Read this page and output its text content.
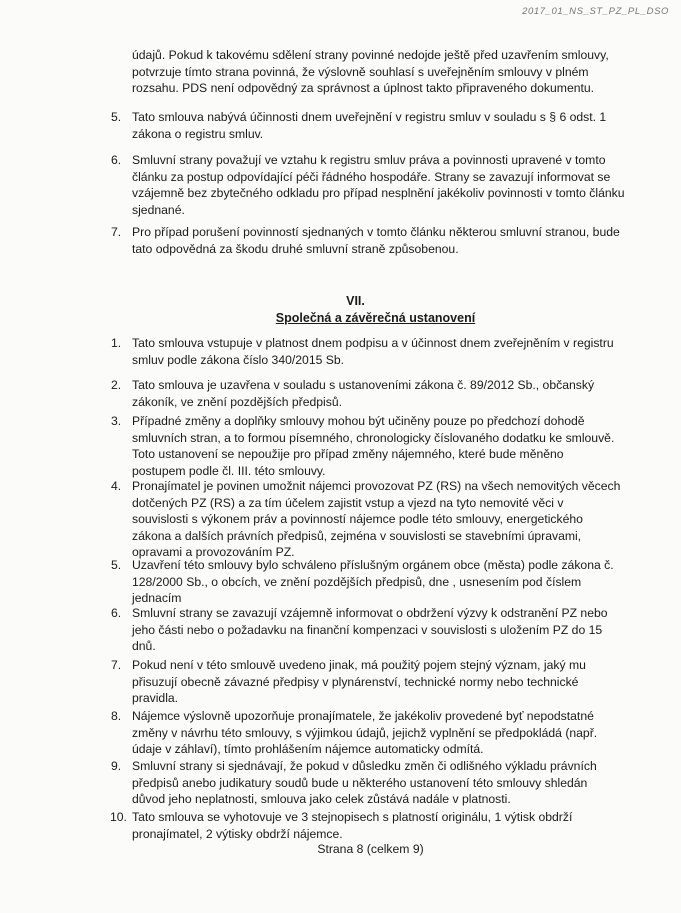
2017_01_NS_ST_PZ_PL_DSO
údajů. Pokud k takovému sdělení strany povinné nedojde ještě před uzavřením smlouvy,
potvrzuje tímto strana povinná, že výslovně souhlasí s uveřejněním smlouvy v plném
rozsahu. PDS není odpovědný za správnost a úplnost takto připraveného dokumentu.
5. Tato smlouva nabývá účinnosti dnem uveřejnění v registru smluv v souladu s § 6 odst. 1
zákona o registru smluv.
6. Smluvní strany považují ve vztahu k registru smluv práva a povinnosti upravené v tomto
článku za postup odpovídající péči řádného hospodáře. Strany se zavazují informovat se
vzájemně bez zbytečného odkladu pro případ nesplnění jakékoliv povinnosti v tomto článku
sjednané.
7. Pro případ porušení povinností sjednaných v tomto článku některou smluvní stranou, bude
tato odpovědná za škodu druhé smluvní straně způsobenou.
VII.
Společná a závěrečná ustanovení
1. Tato smlouva vstupuje v platnost dnem podpisu a v účinnost dnem zveřejněním v registru
smluv podle zákona číslo 340/2015 Sb.
2. Tato smlouva je uzavřena v souladu s ustanoveními zákona č. 89/2012 Sb., občanský
zákoník, ve znění pozdějších předpisů.
3. Případné změny a doplňky smlouvy mohou být učiněny pouze po předchozí dohodě
smluvních stran, a to formou písemného, chronologicky číslovaného dodatku ke smlouvě.
Toto ustanovení se nepoužije pro případ změny nájemného, které bude měněno
postupem podle čl. III. této smlouvy.
4. Pronajímatel je povinen umožnit nájemci provozovat PZ (RS) na všech nemovitých věcech
dotčených PZ (RS) a za tím účelem zajistit vstup a vjezd na tyto nemovité věci v
souvislosti s výkonem práv a povinností nájemce podle této smlouvy, energetického
zákona a dalších právních předpisů, zejména v souvislosti se stavebními úpravami,
opravami a provozováním PZ.
5. Uzavření této smlouvy bylo schváleno příslušným orgánem obce (města) podle zákona č.
128/2000 Sb., o obcích, ve znění pozdějších předpisů, dne , usnesením pod číslem
jednacím
6. Smluvní strany se zavazují vzájemně informovat o obdržení výzvy k odstranění PZ nebo
jeho části nebo o požadavku na finanční kompenzaci v souvislosti s uložením PZ do 15
dnů.
7. Pokud není v této smlouvě uvedeno jinak, má použitý pojem stejný význam, jaký mu
přisuzují obecně závazné předpisy v plynárenství, technické normy nebo technické
pravidla.
8. Nájemce výslovně upozorňuje pronajímatele, že jakékoliv provedené byť nepodstatné
změny v návrhu této smlouvy, s výjimkou údajů, jejichž vyplnění se předpokládá (např.
údaje v záhlaví), tímto prohlášením nájemce automaticky odmítá.
9. Smluvní strany si sjednávají, že pokud v důsledku změn či odlišného výkladu právních
předpisů anebo judikatury soudů bude u některého ustanovení této smlouvy shledán
důvod jeho neplatnosti, smlouva jako celek zůstává nadále v platnosti.
10. Tato smlouva se vyhotovuje ve 3 stejnopisech s platností originálu, 1 výtisk obdrží
pronajímatel, 2 výtisky obdrží nájemce.
Strana 8 (celkem 9)
